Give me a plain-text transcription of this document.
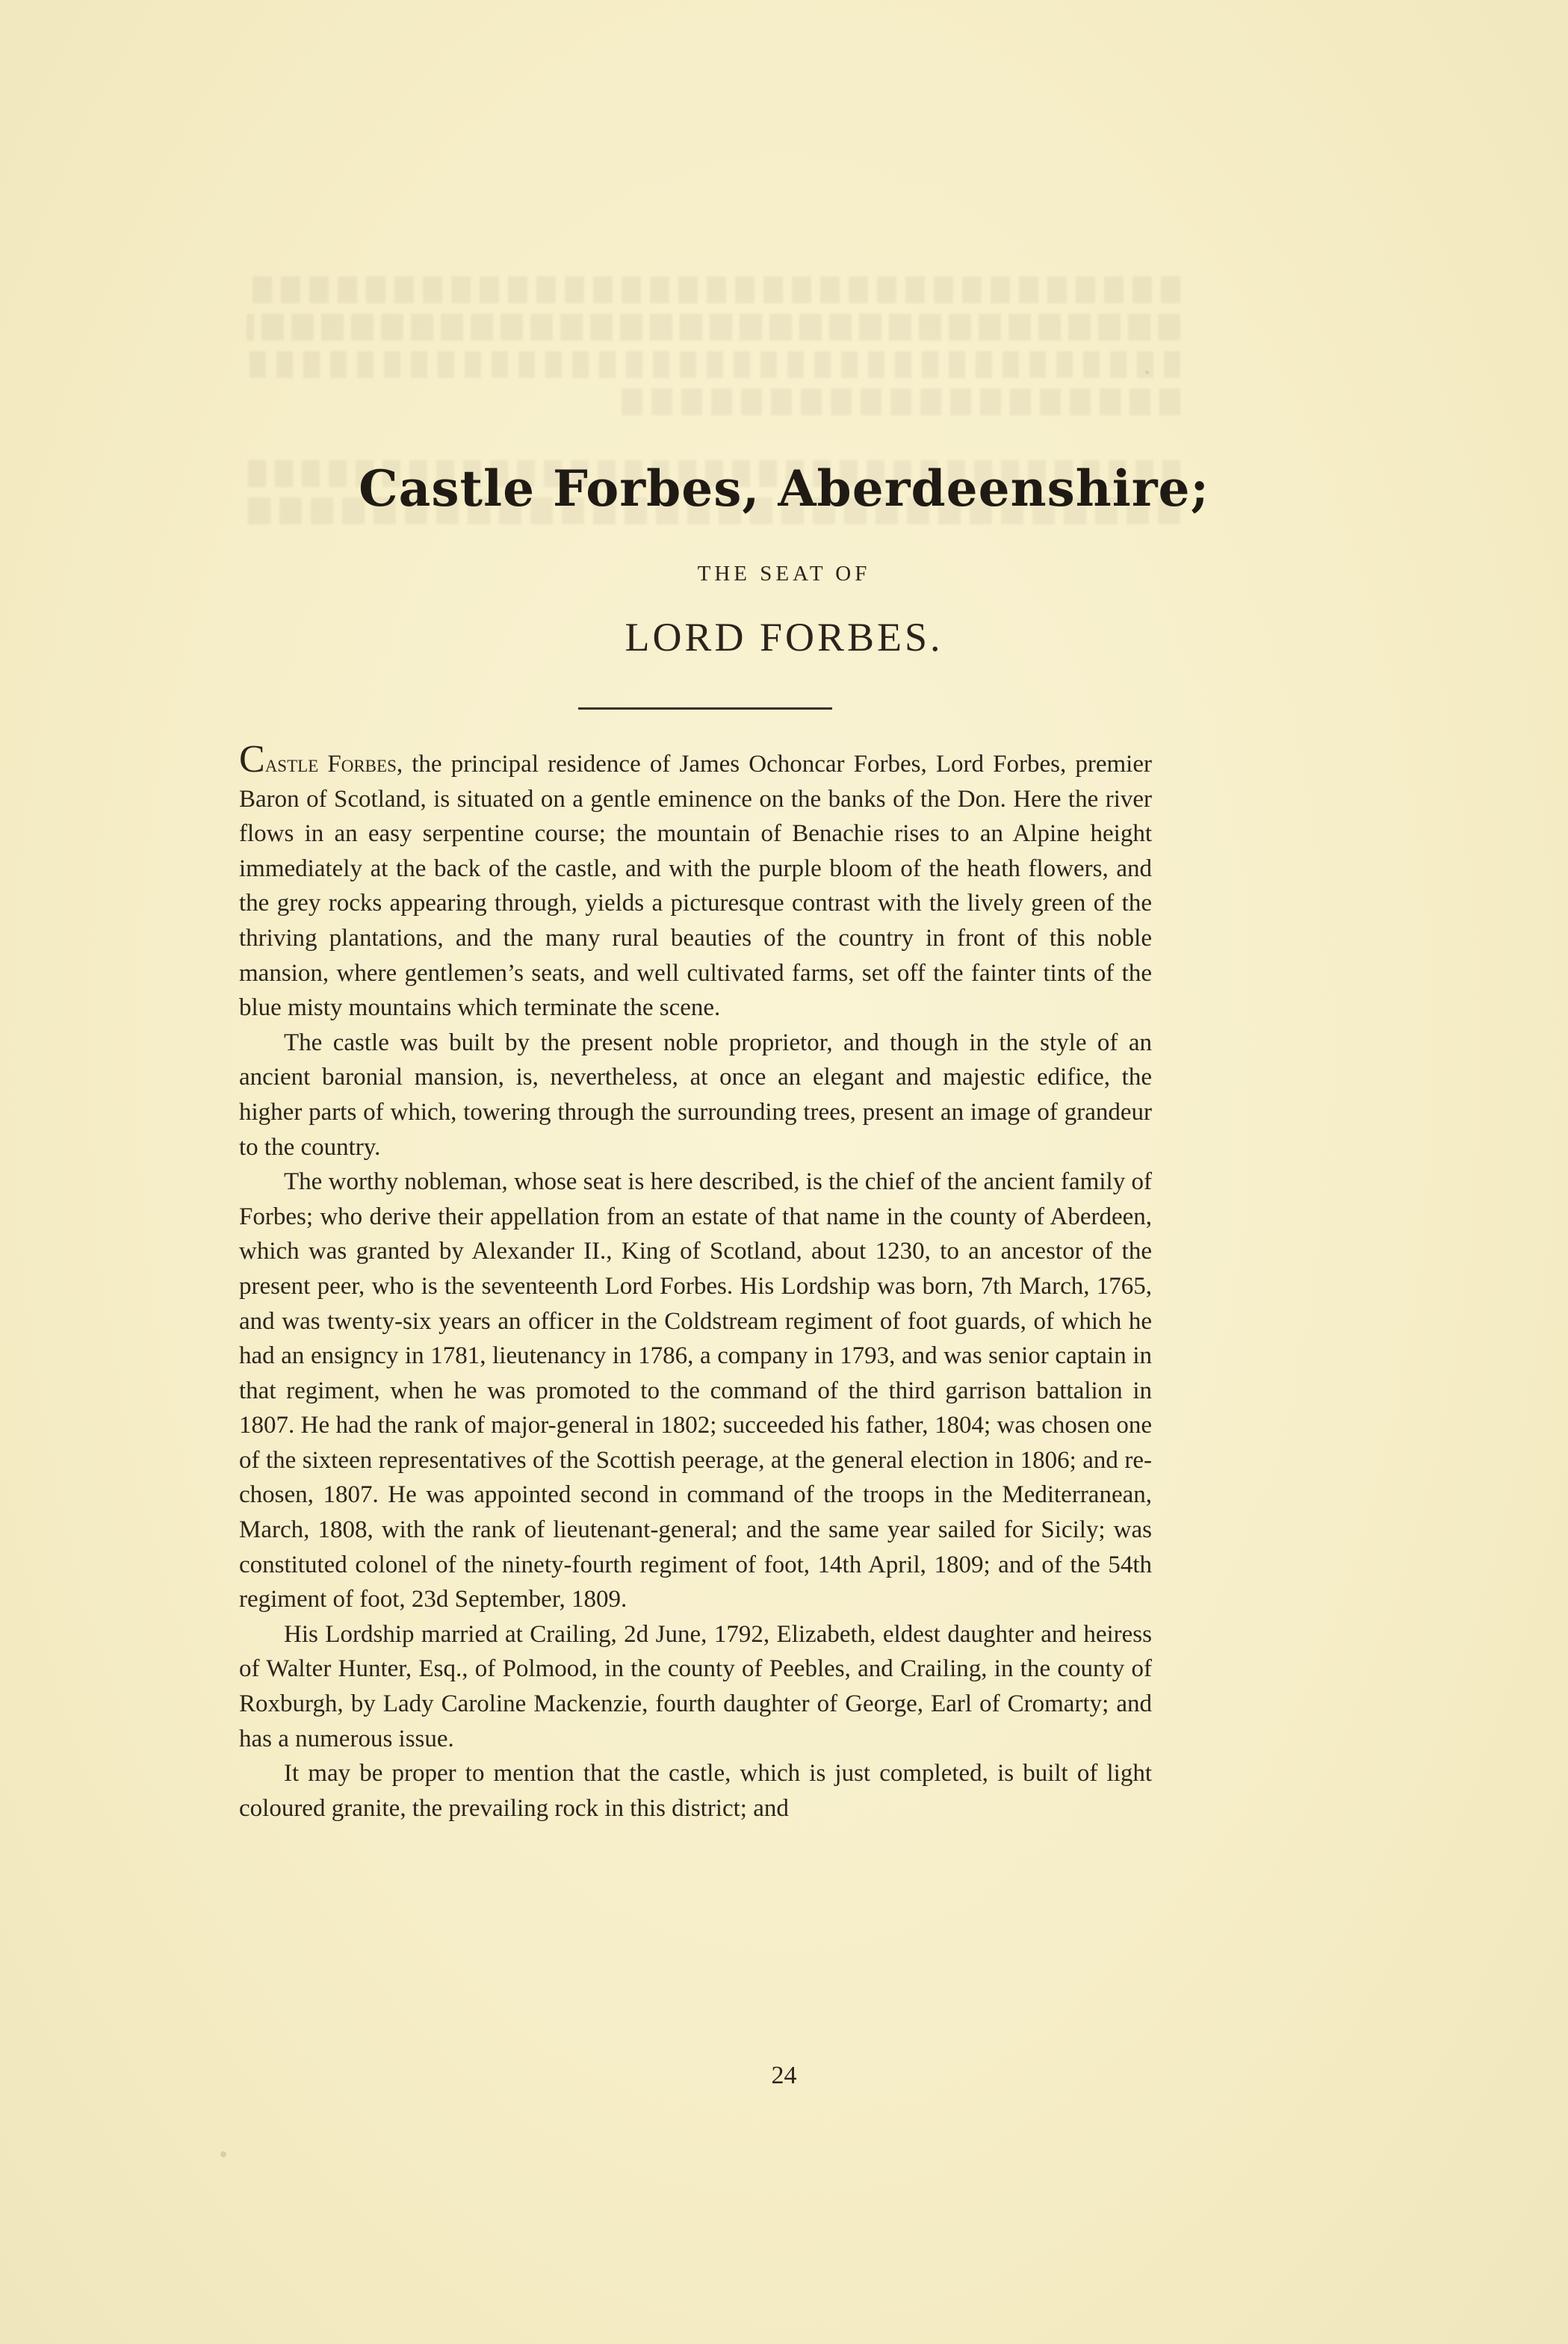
Castle Forbes, Aberdeenshire;
THE SEAT OF
LORD FORBES.

Castle Forbes, the principal residence of James Ochoncar Forbes, Lord Forbes, premier Baron of Scotland, is situated on a gentle eminence on the banks of the Don. Here the river flows in an easy serpentine course; the mountain of Benachie rises to an Alpine height immediately at the back of the castle, and with the purple bloom of the heath flowers, and the grey rocks appearing through, yields a picturesque contrast with the lively green of the thriving plantations, and the many rural beauties of the country in front of this noble mansion, where gentlemen’s seats, and well cultivated farms, set off the fainter tints of the blue misty mountains which terminate the scene.

The castle was built by the present noble proprietor, and though in the style of an ancient baronial mansion, is, nevertheless, at once an elegant and majestic edifice, the higher parts of which, towering through the surrounding trees, present an image of grandeur to the country.

The worthy nobleman, whose seat is here described, is the chief of the ancient family of Forbes; who derive their appellation from an estate of that name in the county of Aberdeen, which was granted by Alexander II., King of Scotland, about 1230, to an ancestor of the present peer, who is the seventeenth Lord Forbes. His Lordship was born, 7th March, 1765, and was twenty-six years an officer in the Coldstream regiment of foot guards, of which he had an ensigncy in 1781, lieutenancy in 1786, a company in 1793, and was senior captain in that regiment, when he was promoted to the command of the third garrison battalion in 1807. He had the rank of major-general in 1802; succeeded his father, 1804; was chosen one of the sixteen representatives of the Scottish peerage, at the general election in 1806; and re-chosen, 1807. He was appointed second in command of the troops in the Mediterranean, March, 1808, with the rank of lieutenant-general; and the same year sailed for Sicily; was constituted colonel of the ninety-fourth regiment of foot, 14th April, 1809; and of the 54th regiment of foot, 23d September, 1809.

His Lordship married at Crailing, 2d June, 1792, Elizabeth, eldest daughter and heiress of Walter Hunter, Esq., of Polmood, in the county of Peebles, and Crailing, in the county of Roxburgh, by Lady Caroline Mackenzie, fourth daughter of George, Earl of Cromarty; and has a numerous issue.

It may be proper to mention that the castle, which is just completed, is built of light coloured granite, the prevailing rock in this district; and

24
